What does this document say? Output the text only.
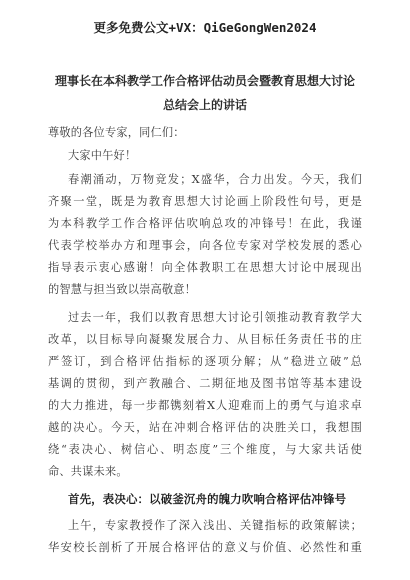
更多免费公文+VX：QiGeGongWen2024
理事长在本科教学工作合格评估动员会暨教育思想大讨论
总结会上的讲话
尊敬的各位专家，同仁们：
大家中午好！
春潮涌动，万物竞发；X盛华，合力出发。今天，我们
齐聚一堂，既是为教育思想大讨论画上阶段性句号，更是
为本科教学工作合格评估吹响总攻的冲锋号！在此，我谨
代表学校举办方和理事会，向各位专家对学校发展的悉心
指导表示衷心感谢！向全体教职工在思想大讨论中展现出
的智慧与担当致以崇高敬意！
过去一年，我们以教育思想大讨论引领推动教育教学大
改革，以目标导向凝聚发展合力、从目标任务责任书的庄
严签订，到合格评估指标的逐项分解；从“稳进立破”总
基调的贯彻，到产教融合、二期征地及图书馆等基本建设
的大力推进，每一步都镌刻着X人迎难而上的勇气与追求卓
越的决心。今天，站在冲刺合格评估的决胜关口，我想围
绕“表决心、树信心、明态度”三个维度，与大家共话使
命、共谋未来。
首先，表决心：以破釜沉舟的魄力吹响合格评估冲锋号
上午，专家教授作了深入浅出、关键指标的政策解读；
华安校长剖析了开展合格评估的意义与价值、必然性和重
